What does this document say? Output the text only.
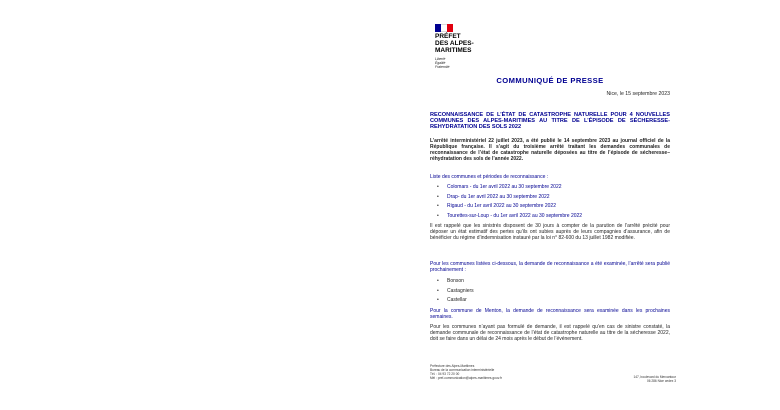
PRÉFET
DES ALPES-
MARITIMES
Liberté
Égalité
Fraternité
COMMUNIQUÉ DE PRESSE
Nice, le 15 septembre 2023
RECONNAISSANCE DE L’ÉTAT DE CATASTROPHE NATURELLE POUR 4 NOUVELLES COMMUNES DES ALPES-MARITIMES AU TITRE DE L’ÉPISODE DE SÉCHERESSE-REHYDRATATION DES SOLS 2022
L’arrêté interministériel 22 juillet 2023, a été publié le 14 septembre 2023 au journal officiel de la République française. Il s’agit du troisième arrêté traitant les demandes communales de reconnaissance de l’état de catastrophe naturelle déposées au titre de l’épisode de sécheresse–réhydratation des sols de l’année 2022.
Liste des communes et périodes de reconnaissance :
• Colomars - du 1er avril 2022 au 30 septembre 2022
• Drap- du 1er avril 2022 au 30 septembre 2022
• Rigaud - du 1er avril 2022 au 30 septembre 2022
• Tourettes-sur-Loup - du 1er avril 2022 au 30 septembre 2022
Il est rappelé que les sinistrés disposent de 30 jours à compter de la parution de l’arrêté précité pour déposer un état estimatif des pertes qu’ils ont subies auprès de leurs compagnies d’assurance, afin de bénéficier du régime d’indemnisation instauré par la loi n° 82-600 du 13 juillet 1982 modifiée.
Pour les communes listées ci-dessous, la demande de reconnaissance a été examinée, l’arrêté sera publié prochainement :
• Bonson
• Castagniers
• Castellar
Pour la commune de Menton, la demande de reconnaissance sera examinée dans les prochaines semaines.
Pour les communes n’ayant pas formulé de demande, il est rappelé qu’en cas de sinistre constaté, la demande communale de reconnaissance de l’état de catastrophe naturelle au titre de la sécheresse 2022, doit se faire dans un délai de 24 mois après le début de l’événement.
Préfecture des Alpes-Maritimes
Bureau de la communication interministérielle
Tél. : 04 93 72 20 00
Mél : pref-communication@alpes-maritimes.gouv.fr	147, boulevard du Mercantour
06 286 Nice cedex 3
